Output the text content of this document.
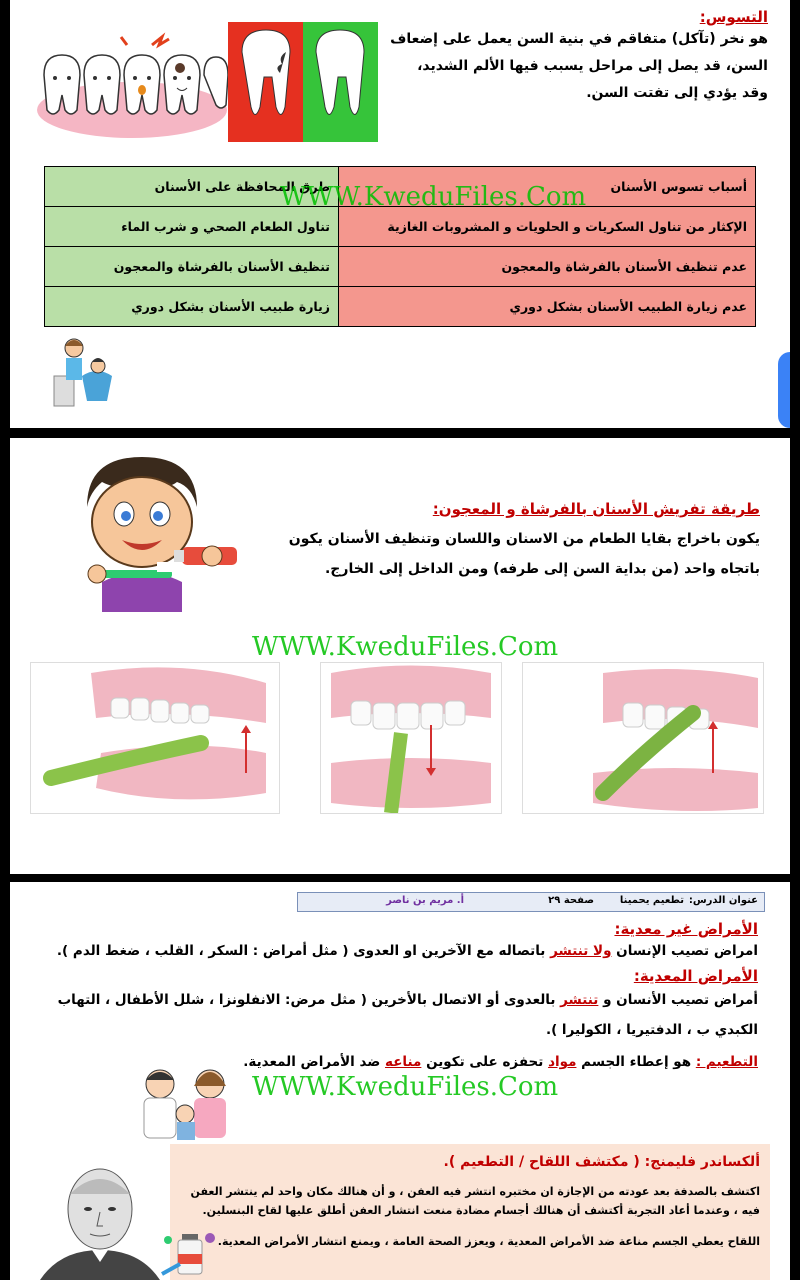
التسوس:
هو نخر (تآكل) متفاقم في بنية السن يعمل على إضعاف السن، قد يصل إلى مراحل يسبب فيها الألم الشديد، وقد يؤدي إلى تفتت السن.
أسباب تسوس الأسنان	طرق المحافظة على الأسنان
الإكثار من تناول السكريات و الحلويات و المشروبات الغازية	تناول الطعام الصحي و شرب الماء
عدم تنظيف الأسنان بالفرشاة والمعجون	تنظيف الأسنان بالفرشاة والمعجون
عدم زيارة الطبيب الأسنان بشكل دوري	زيارة طبيب الأسنان بشكل دوري
WWW.KweduFiles.Com
طريقة تفريش الأسنان بالفرشاة و المعجون:
يكون باخراج بقايا الطعام من الاسنان واللسان وتنظيف الأسنان يكون باتجاه واحد (من بداية السن إلى طرفه) ومن الداخل إلى الخارج.
WWW.KweduFiles.Com
عنوان الدرس:
تطعيم يحمينا
صفحة ٢٩
أ. مريم بن ناصر
الأمراض غير معدية:
امراض تصيب الإنسان ولا تنتشر باتصاله مع الآخرين او العدوى ( مثل أمراض : السكر ، القلب ، ضغط الدم ).
الأمراض المعدية:
أمراض تصيب الأنسان و تنتشر بالعدوى أو الاتصال بالأخرين ( مثل مرض: الانفلونزا ، شلل الأطفال ، التهاب الكبدي ب ، الدفتيريا ، الكوليرا ).
التطعيم : هو إعطاء الجسم مواد تحفزه على تكوين مناعه ضد الأمراض المعدية.
WWW.KweduFiles.Com
ألكساندر فليمنج: ( مكتشف اللقاح / التطعيم ).
اكتشف بالصدفة بعد عودته من الإجازة ان مختبره انتشر فيه العفن ، و أن هنالك مكان واحد لم ينتشر العفن فيه ، وعندما أعاد التجربة أكتشف أن هنالك أجسام مضادة منعت انتشار العفن أطلق عليها لقاح البنسلين.
اللقاح يعطي الجسم مناعة ضد الأمراض المعدية ، ويعزز الصحة العامة ، ويمنع انتشار الأمراض المعدية.
